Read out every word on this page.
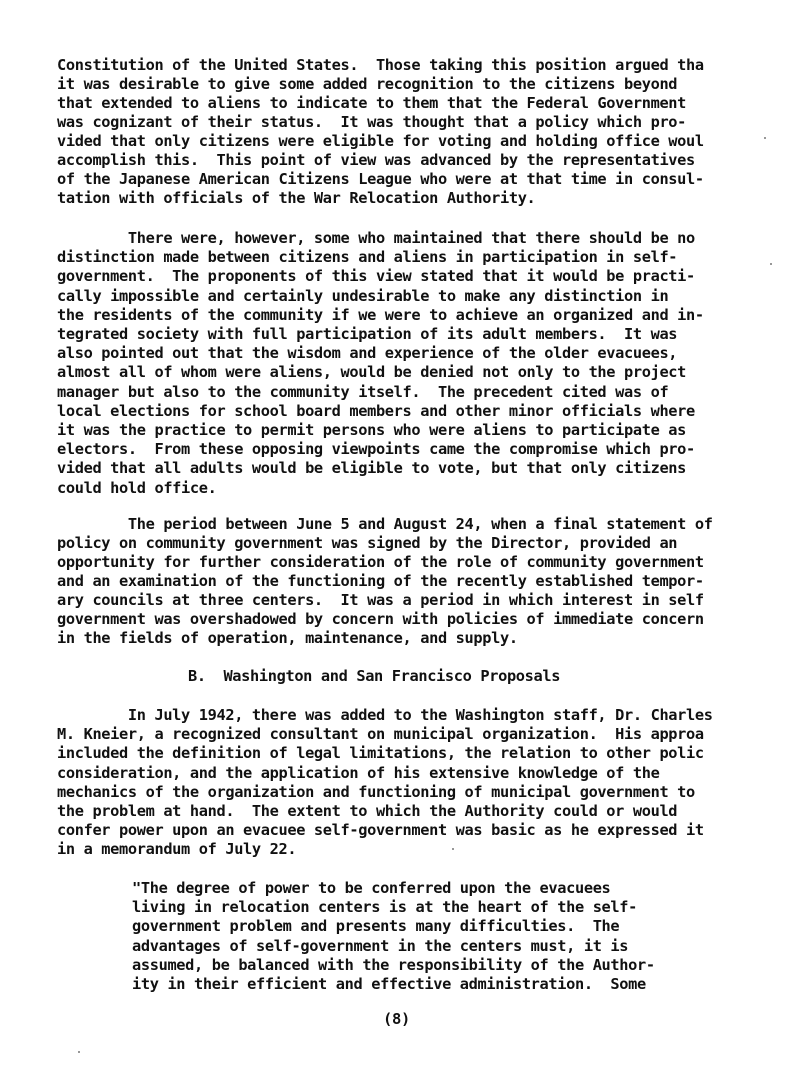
Constitution of the United States.  Those taking this position argued th⁠a
it was desirable to give some added recognition to the citizens beyond
that extended to aliens to indicate to them that the Federal Government
was cognizant of their status.  It was thought that a policy which pro-
vided that only citizens were eligible for voting and holding office woul
accomplish this.  This point of view was advanced by the representatives
of the Japanese American Citizens League who were at that time in consul-
tation with officials of the War Relocation Authority.
There were, however, some who maintained that there should be no
distinction made between citizens and aliens in participation in self-
government.  The proponents of this view stated that it would be practi-
cally impossible and certainly undesirable to make any distinction in
the residents of the community if we were to achieve an organized and in-
tegrated society with full participation of its adult members.  It was
also pointed out that the wisdom and experience of the older evacuees,
almost all of whom were aliens, would be denied not only to the project
manager but also to the community itself.  The precedent cited was of
local elections for school board members and other minor officials where
it was the practice to permit persons who were aliens to participate as
electors.  From these opposing viewpoints came the compromise which pro-
vided that all adults would be eligible to vote, but that only citizens
could hold office.
The period between June 5 and August 24, when a final statement of
policy on community government was signed by the Director, provided an
opportunity for further consideration of the role of community government
and an examination of the functioning of the recently established tempor-
ary councils at three centers.  It was a period in which interest in self
government was overshadowed by concern with policies of immediate concern
in the fields of operation, maintenance, and supply.
B.  Washington and San Francisco Proposals
In July 1942, there was added to the Washington staff, Dr. Charles
M. Kneier, a recognized consultant on municipal organization.  His approa
included the definition of legal limitations, the relation to other polic
consideration, and the application of his extensive knowledge of the
mechanics of the organization and functioning of municipal government to
the problem at hand.  The extent to which the Authority could or would
confer power upon an evacuee self-government was basic as he expressed it
in a memorandum of July 22.
"The degree of power to be conferred upon the evacuees
living in relocation centers is at the heart of the self-
government problem and presents many difficulties.  The
advantages of self-government in the centers must, it is
assumed, be balanced with the responsibility of the Author-
ity in their efficient and effective administration.  Some
(8)
